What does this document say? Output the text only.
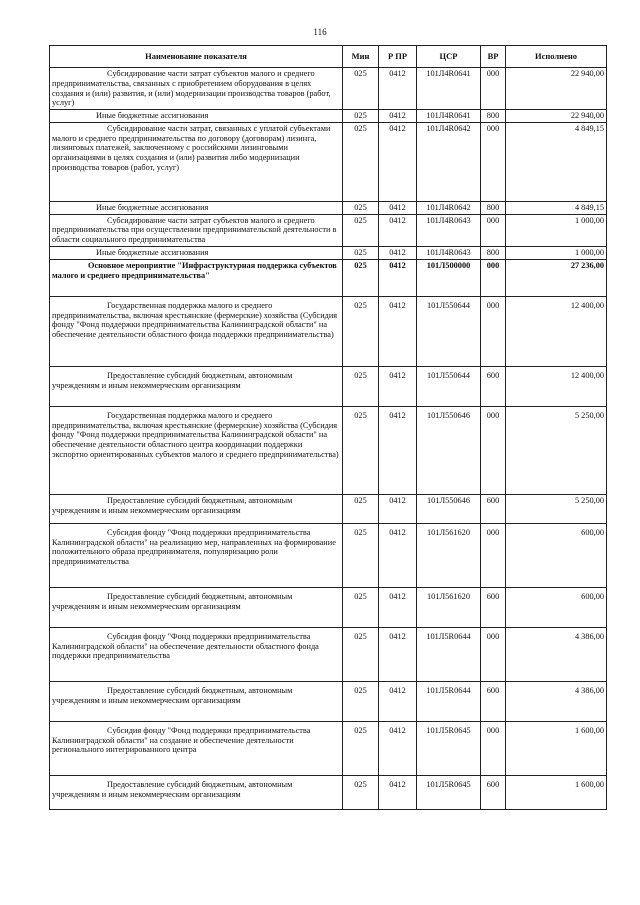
116
Наименование показателя	Мин	Р ПР	ЦСР	ВР	Исполнено
Субсидирование части затрат субъектов малого и среднего предпринимательства, связанных с приобретением оборудования в целях создания и (или) развития, и (или) модернизации производства товаров (работ, услуг)	025	0412	101Л4R0641	000	22 940,00
Иные бюджетные ассигнования	025	0412	101Л4R0641	800	22 940,00
Субсидирование части затрат, связанных с уплатой субъектами малого и среднего предпринимательства по договору (договорам) лизинга, лизинговых платежей, заключенному с российскими лизинговыми организациями в целях создания и (или) развития либо модернизации производства товаров (работ, услуг)	025	0412	101Л4R0642	000	4 849,15
Иные бюджетные ассигнования	025	0412	101Л4R0642	800	4 849,15
Субсидирование части затрат субъектов малого и среднего предпринимательства при осуществлении предпринимательской деятельности в области социального предпринимательства	025	0412	101Л4R0643	000	1 000,00
Иные бюджетные ассигнования	025	0412	101Л4R0643	800	1 000,00
Основное мероприятие "Инфраструктурная поддержка субъектов малого и среднего предпринимательства"	025	0412	101Л500000	000	27 236,00
Государственная поддержка малого и среднего предпринимательства, включая крестьянские (фермерские) хозяйства (Субсидия фонду "Фонд поддержки предпринимательства Калининградской области" на обеспечение деятельности областного фонда поддержки предпринимательства)	025	0412	101Л550644	000	12 400,00
Предоставление субсидий бюджетным, автономным учреждениям и иным некоммерческим организациям	025	0412	101Л550644	600	12 400,00
Государственная поддержка малого и среднего предпринимательства, включая крестьянские (фермерские) хозяйства (Субсидия фонду "Фонд поддержки предпринимательства Калининградской области" на обеспечение деятельности областного центра координации поддержки экспортно ориентированных субъектов малого и среднего предпринимательства)	025	0412	101Л550646	000	5 250,00
Предоставление субсидий бюджетным, автономным учреждениям и иным некоммерческим организациям	025	0412	101Л550646	600	5 250,00
Субсидия фонду "Фонд поддержки предпринимательства Калининградской области" на реализацию мер, направленных на формирование положительного образа предпринимателя, популяризацию роли предпринимательства	025	0412	101Л561620	000	600,00
Предоставление субсидий бюджетным, автономным учреждениям и иным некоммерческим организациям	025	0412	101Л561620	600	600,00
Субсидия фонду "Фонд поддержки предпринимательства Калининградской области" на обеспечение деятельности областного фонда поддержки предпринимательства	025	0412	101Л5R0644	000	4 386,00
Предоставление субсидий бюджетным, автономным учреждениям и иным некоммерческим организациям	025	0412	101Л5R0644	600	4 386,00
Субсидия фонду "Фонд поддержки предпринимательства Калининградской области" на создание и обеспечение деятельности регионального интегрированного центра	025	0412	101Л5R0645	000	1 600,00
Предоставление субсидий бюджетным, автономным учреждениям и иным некоммерческим организациям	025	0412	101Л5R0645	600	1 600,00
